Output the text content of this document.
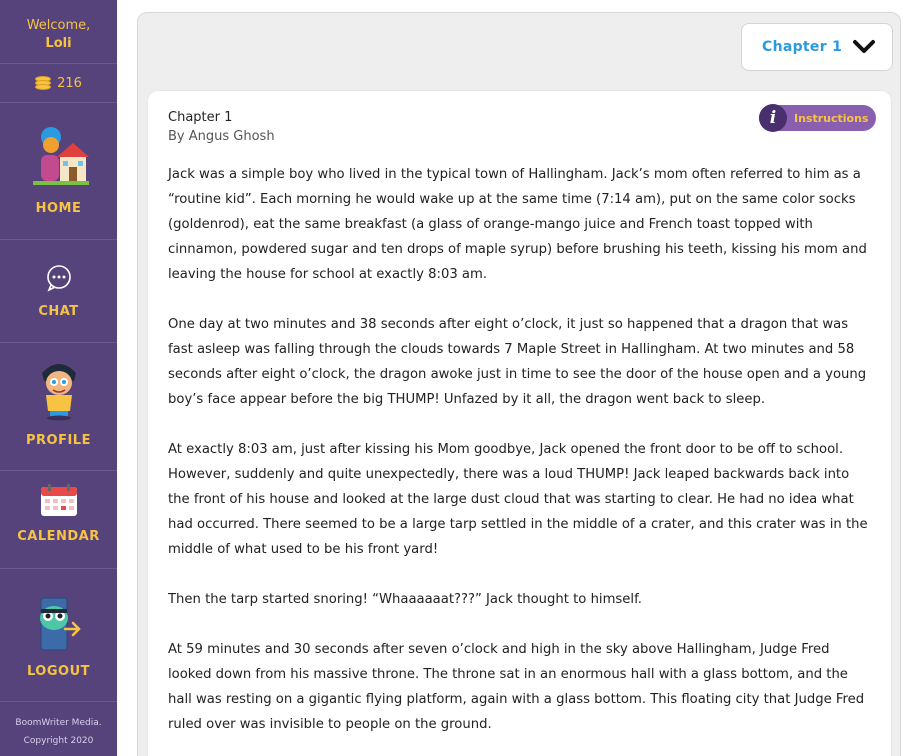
Welcome,
Loli
216
HOME
CHAT
PROFILE
CALENDAR
LOGOUT
BoomWriter Media.
Copyright 2020
Chapter 1
Chapter 1
By Angus Ghosh
i	Instructions

Jack was a simple boy who lived in the typical town of Hallingham. Jack’s mom often referred to him as a “routine kid”. Each morning he would wake up at the same time (7:14 am), put on the same color socks (goldenrod), eat the same breakfast (a glass of orange-mango juice and French toast topped with cinnamon, powdered sugar and ten drops of maple syrup) before brushing his teeth, kissing his mom and leaving the house for school at exactly 8:03 am.

One day at two minutes and 38 seconds after eight o’clock, it just so happened that a dragon that was fast asleep was falling through the clouds towards 7 Maple Street in Hallingham. At two minutes and 58 seconds after eight o’clock, the dragon awoke just in time to see the door of the house open and a young boy’s face appear before the big THUMP! Unfazed by it all, the dragon went back to sleep.

At exactly 8:03 am, just after kissing his Mom goodbye, Jack opened the front door to be off to school. However, suddenly and quite unexpectedly, there was a loud THUMP! Jack leaped backwards back into the front of his house and looked at the large dust cloud that was starting to clear. He had no idea what had occurred. There seemed to be a large tarp settled in the middle of a crater, and this crater was in the middle of what used to be his front yard!

Then the tarp started snoring! “Whaaaaaat???” Jack thought to himself.

At 59 minutes and 30 seconds after seven o’clock and high in the sky above Hallingham, Judge Fred looked down from his massive throne. The throne sat in an enormous hall with a glass bottom, and the hall was resting on a gigantic flying platform, again with a glass bottom. This floating city that Judge Fred ruled over was invisible to people on the ground.
